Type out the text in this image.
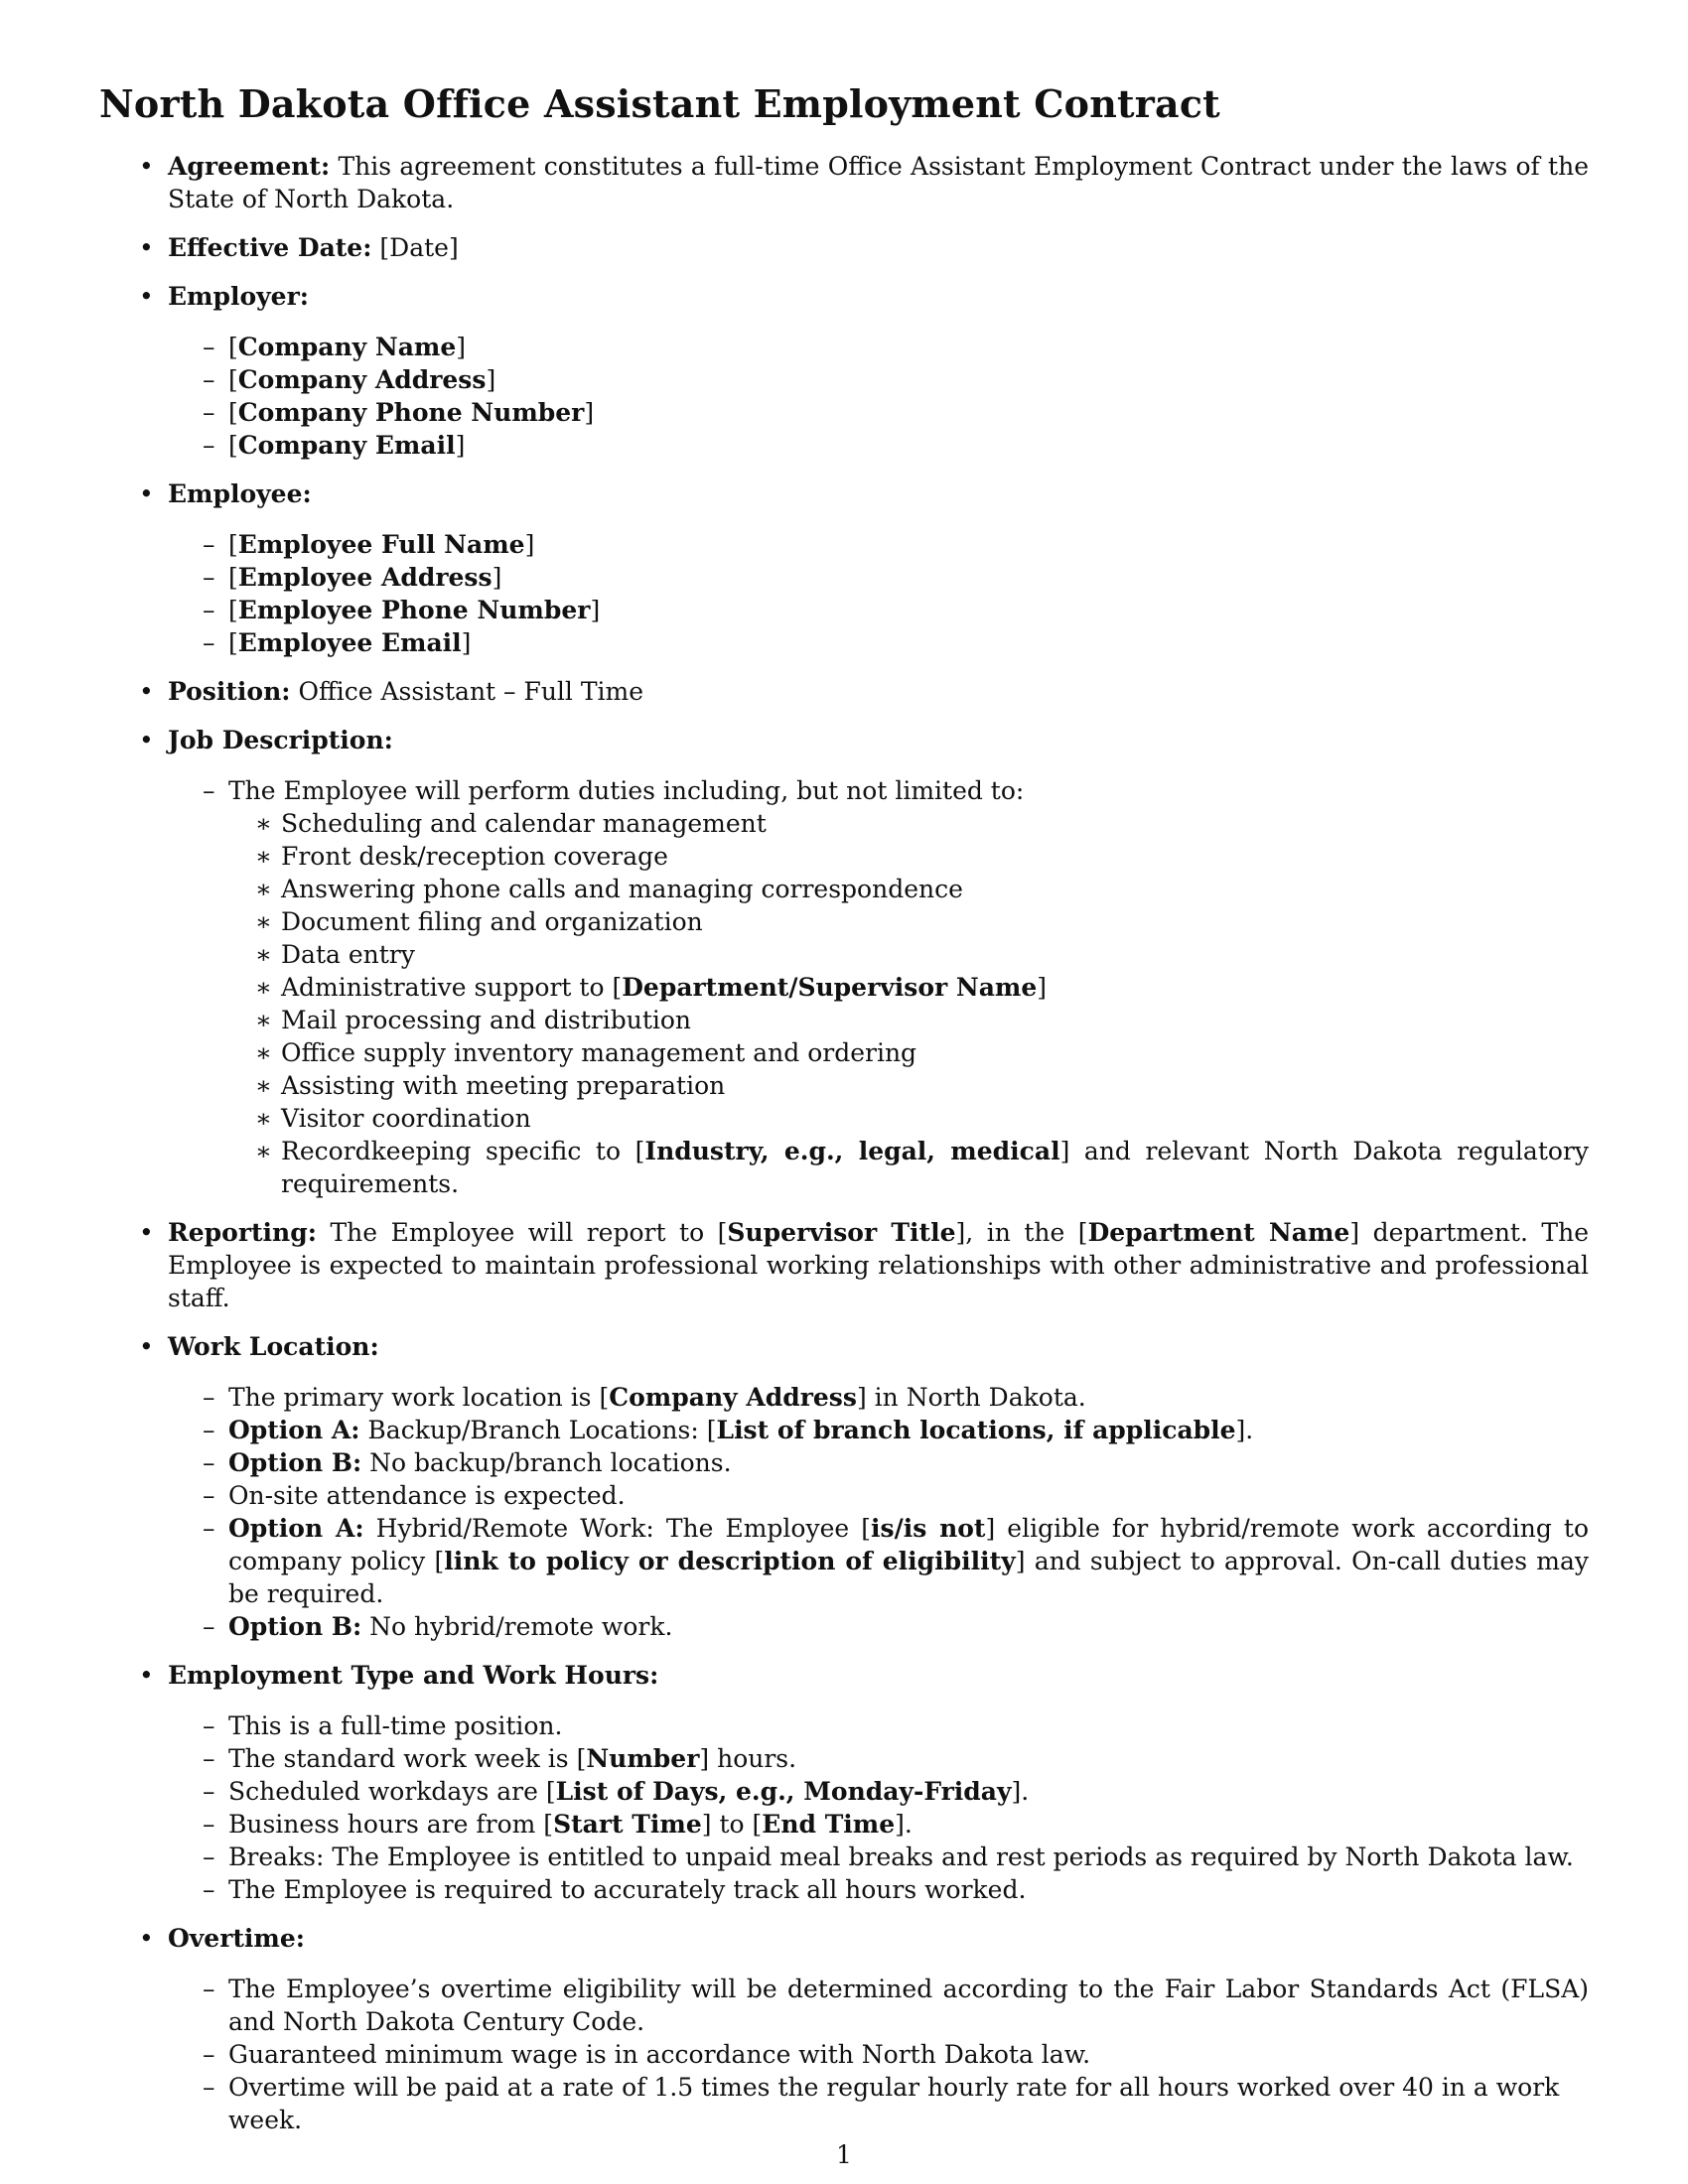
North Dakota Office Assistant Employment Contract
• Agreement: This agreement constitutes a full-time Office Assistant Employment Contract under the laws of the State of North Dakota.
• Effective Date: [Date]
• Employer:
– [Company Name]
– [Company Address]
– [Company Phone Number]
– [Company Email]
• Employee:
– [Employee Full Name]
– [Employee Address]
– [Employee Phone Number]
– [Employee Email]
• Position: Office Assistant – Full Time
• Job Description:
– The Employee will perform duties including, but not limited to:
∗ Scheduling and calendar management
∗ Front desk/reception coverage
∗ Answering phone calls and managing correspondence
∗ Document filing and organization
∗ Data entry
∗ Administrative support to [Department/Supervisor Name]
∗ Mail processing and distribution
∗ Office supply inventory management and ordering
∗ Assisting with meeting preparation
∗ Visitor coordination
∗ Recordkeeping specific to [Industry, e.g., legal, medical] and relevant North Dakota regulatory requirements.
• Reporting: The Employee will report to [Supervisor Title], in the [Department Name] department. The Employee is expected to maintain professional working relationships with other administrative and professional staff.
• Work Location:
– The primary work location is [Company Address] in North Dakota.
– Option A: Backup/Branch Locations: [List of branch locations, if applicable].
– Option B: No backup/branch locations.
– On-site attendance is expected.
– Option A: Hybrid/Remote Work: The Employee [is/is not] eligible for hybrid/remote work according to company policy [link to policy or description of eligibility] and subject to approval. On-call duties may be required.
– Option B: No hybrid/remote work.
• Employment Type and Work Hours:
– This is a full-time position.
– The standard work week is [Number] hours.
– Scheduled workdays are [List of Days, e.g., Monday-Friday].
– Business hours are from [Start Time] to [End Time].
– Breaks: The Employee is entitled to unpaid meal breaks and rest periods as required by North Dakota law.
– The Employee is required to accurately track all hours worked.
• Overtime:
– The Employee’s overtime eligibility will be determined according to the Fair Labor Standards Act (FLSA) and North Dakota Century Code.
– Guaranteed minimum wage is in accordance with North Dakota law.
– Overtime will be paid at a rate of 1.5 times the regular hourly rate for all hours worked over 40 in a work week.
1
